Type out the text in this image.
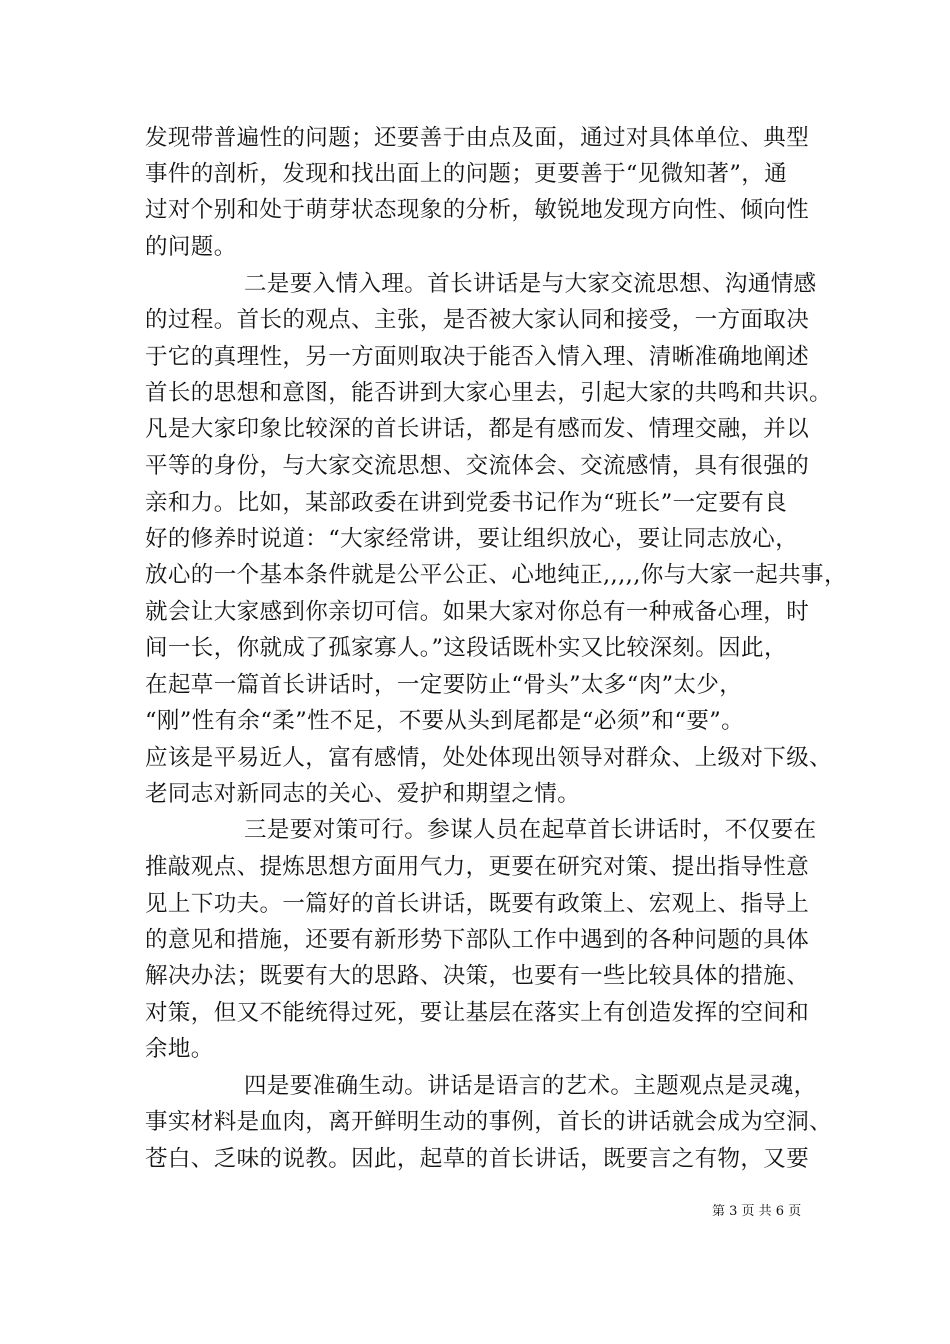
发现带普遍性的问题；还要善于由点及面，通过对具体单位、典型
事件的剖析，发现和找出面上的问题；更要善于“见微知著”，通
过对个别和处于萌芽状态现象的分析，敏锐地发现方向性、倾向性
的问题。
二是要入情入理。首长讲话是与大家交流思想、沟通情感
的过程。首长的观点、主张，是否被大家认同和接受，一方面取决
于它的真理性，另一方面则取决于能否入情入理、清晰准确地阐述
首长的思想和意图，能否讲到大家心里去，引起大家的共鸣和共识。
凡是大家印象比较深的首长讲话，都是有感而发、情理交融，并以
平等的身份，与大家交流思想、交流体会、交流感情，具有很强的
亲和力。比如，某部政委在讲到党委书记作为“班长”一定要有良
好的修养时说道：“大家经常讲，要让组织放心，要让同志放心，
放心的一个基本条件就是公平公正、心地纯正,,,,,你与大家一起共事，
就会让大家感到你亲切可信。如果大家对你总有一种戒备心理，时
间一长，你就成了孤家寡人。”这段话既朴实又比较深刻。因此，
在起草一篇首长讲话时，一定要防止“骨头”太多“肉”太少，
“刚”性有余“柔”性不足，不要从头到尾都是“必须”和“要”。
应该是平易近人，富有感情，处处体现出领导对群众、上级对下级、
老同志对新同志的关心、爱护和期望之情。
三是要对策可行。参谋人员在起草首长讲话时，不仅要在
推敲观点、提炼思想方面用气力，更要在研究对策、提出指导性意
见上下功夫。一篇好的首长讲话，既要有政策上、宏观上、指导上
的意见和措施，还要有新形势下部队工作中遇到的各种问题的具体
解决办法；既要有大的思路、决策，也要有一些比较具体的措施、
对策，但又不能统得过死，要让基层在落实上有创造发挥的空间和
余地。
四是要准确生动。讲话是语言的艺术。主题观点是灵魂，
事实材料是血肉，离开鲜明生动的事例，首长的讲话就会成为空洞、
苍白、乏味的说教。因此，起草的首长讲话，既要言之有物，又要
第 3 页 共 6 页
